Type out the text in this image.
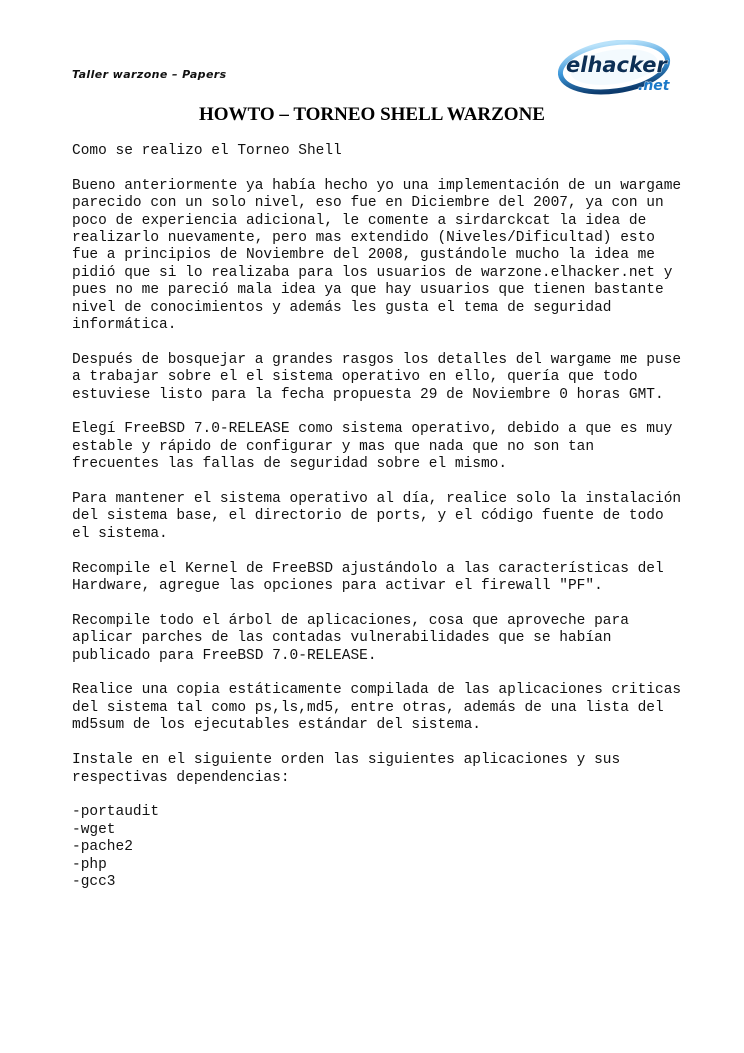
Taller warzone – Papers	elhacker
.net
HOWTO – TORNEO SHELL WARZONE

Como se realizo el Torneo Shell

Bueno anteriormente ya había hecho yo una implementación de un wargame parecido con un solo nivel, eso fue en Diciembre del 2007, ya con un poco de experiencia adicional, le comente a sirdarckcat la idea de realizarlo nuevamente, pero mas extendido (Niveles/Dificultad) esto fue a principios de Noviembre del 2008, gustándole mucho la idea me pidió que si lo realizaba para los usuarios de warzone.elhacker.net y pues no me pareció mala idea ya que hay usuarios que tienen bastante nivel de conocimientos y además les gusta el tema de seguridad informática.

Después de bosquejar a grandes rasgos los detalles del wargame me puse a trabajar sobre el el sistema operativo en ello, quería que todo estuviese listo para la fecha propuesta 29 de Noviembre 0 horas GMT.

Elegí FreeBSD 7.0-RELEASE como sistema operativo, debido a que es muy estable y rápido de configurar y mas que nada que no son tan frecuentes las fallas de seguridad sobre el mismo.

Para mantener el sistema operativo al día, realice solo la instalación del sistema base, el directorio de ports, y el código fuente de todo el sistema.

Recompile el Kernel de FreeBSD ajustándolo a las características del Hardware, agregue las opciones para activar el firewall "PF".

Recompile todo el árbol de aplicaciones, cosa que aproveche para aplicar parches de las contadas vulnerabilidades que se habían publicado para FreeBSD 7.0-RELEASE.

Realice una copia estáticamente compilada de las aplicaciones criticas del sistema tal como ps,ls,md5, entre otras, además de una lista del md5sum de los ejecutables estándar del sistema.

Instale en el siguiente orden las siguientes aplicaciones y sus respectivas dependencias:

-portaudit
-wget
-pache2
-php
-gcc3
